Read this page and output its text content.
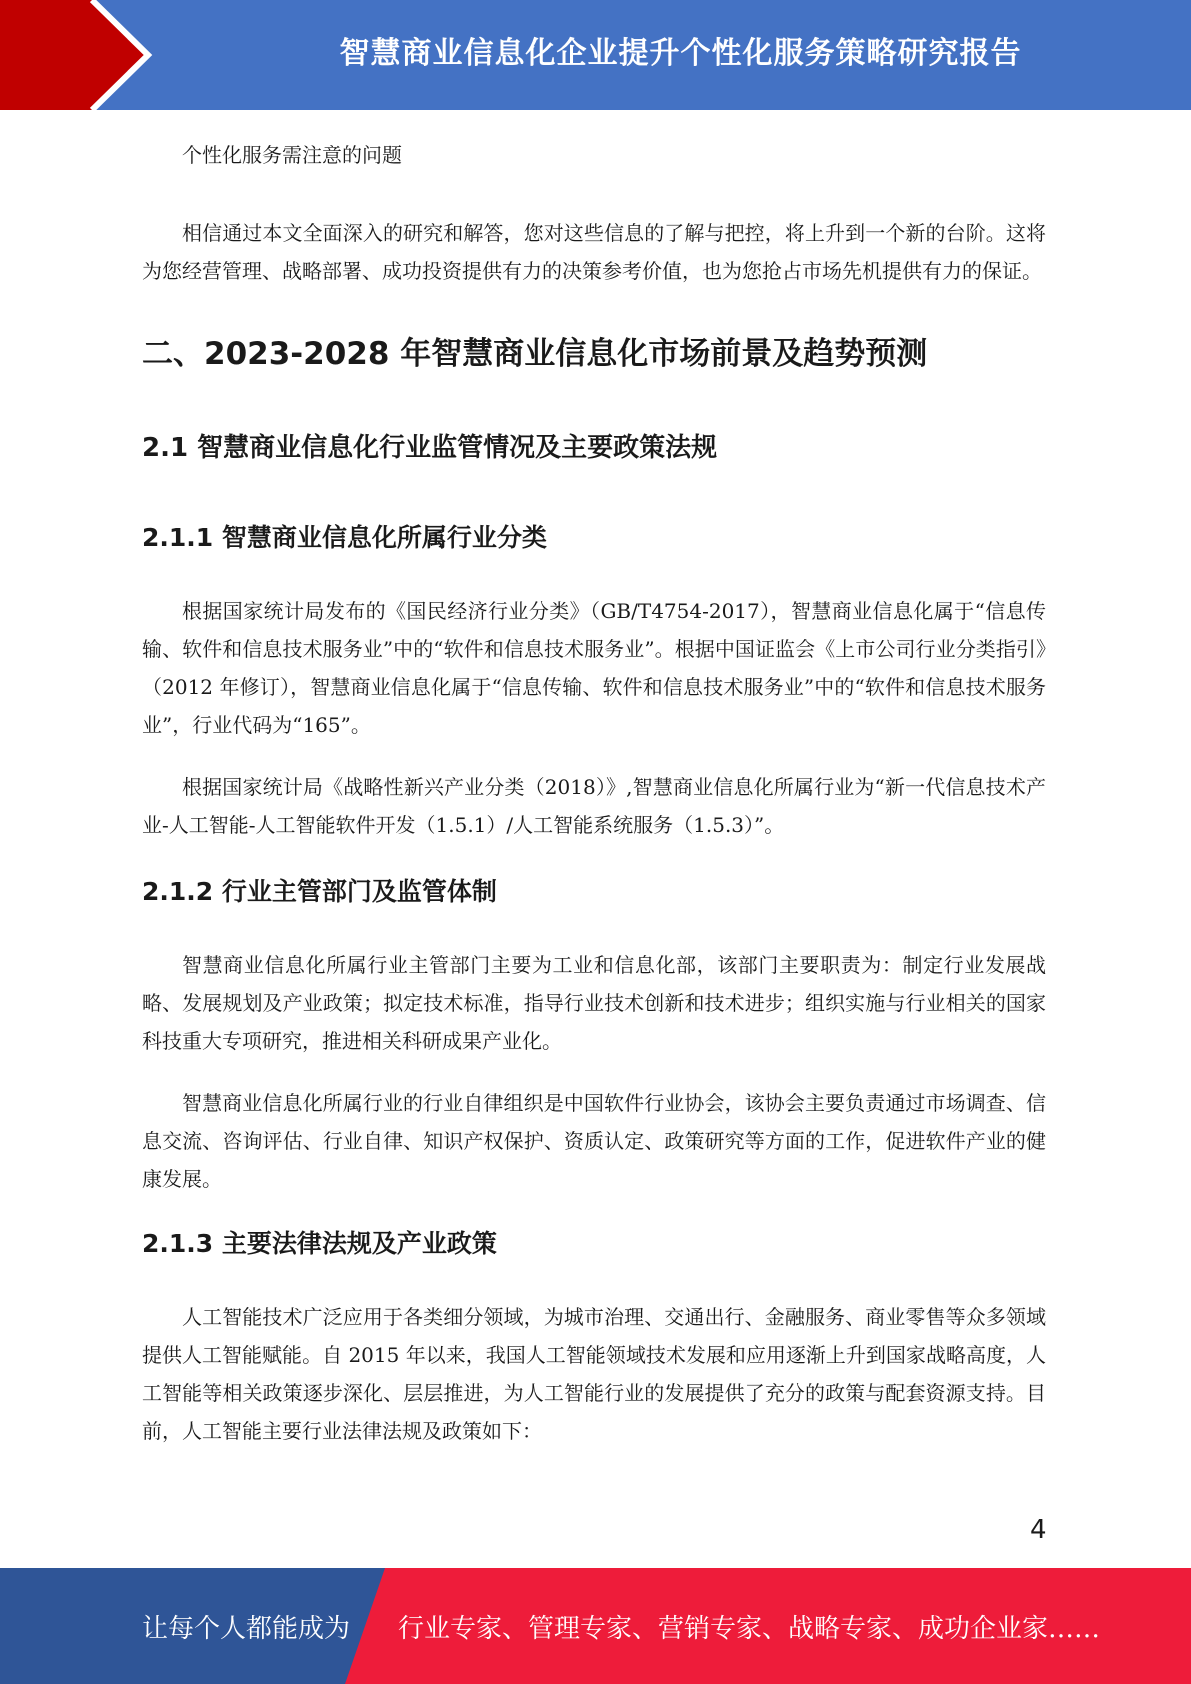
智慧商业信息化企业提升个性化服务策略研究报告

个性化服务需注意的问题

相信通过本文全面深入的研究和解答，您对这些信息的了解与把控，将上升到一个新的台阶。这将为您经营管理、战略部署、成功投资提供有力的决策参考价值，也为您抢占市场先机提供有力的保证。

二、2023-2028 年智慧商业信息化市场前景及趋势预测
2.1 智慧商业信息化行业监管情况及主要政策法规
2.1.1 智慧商业信息化所属行业分类

根据国家统计局发布的《国民经济行业分类》（GB/T4754-2017），智慧商业信息化属于“信息传输、软件和信息技术服务业”中的“软件和信息技术服务业”。根据中国证监会《上市公司行业分类指引》（2012 年修订），智慧商业信息化属于“信息传输、软件和信息技术服务业”中的“软件和信息技术服务业”，行业代码为“165”。

根据国家统计局《战略性新兴产业分类（2018）》,智慧商业信息化所属行业为“新一代信息技术产业-人工智能-人工智能软件开发（1.5.1）/人工智能系统服务（1.5.3）”。

2.1.2 行业主管部门及监管体制

智慧商业信息化所属行业主管部门主要为工业和信息化部，该部门主要职责为：制定行业发展战略、发展规划及产业政策；拟定技术标准，指导行业技术创新和技术进步；组织实施与行业相关的国家科技重大专项研究，推进相关科研成果产业化。

智慧商业信息化所属行业的行业自律组织是中国软件行业协会，该协会主要负责通过市场调查、信息交流、咨询评估、行业自律、知识产权保护、资质认定、政策研究等方面的工作，促进软件产业的健康发展。

2.1.3 主要法律法规及产业政策

人工智能技术广泛应用于各类细分领域，为城市治理、交通出行、金融服务、商业零售等众多领域提供人工智能赋能。自 2015 年以来，我国人工智能领域技术发展和应用逐渐上升到国家战略高度，人工智能等相关政策逐步深化、层层推进，为人工智能行业的发展提供了充分的政策与配套资源支持。目前，人工智能主要行业法律法规及政策如下：

4
让每个人都能成为 行业专家、管理专家、营销专家、战略专家、成功企业家……
